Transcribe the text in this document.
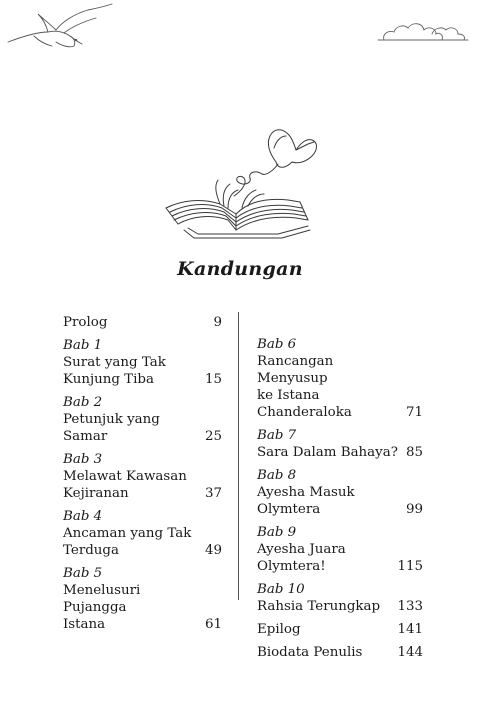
Kandungan
Prolog	9
Bab 1
Surat yang Tak
Kunjung Tiba	15
Bab 2
Petunjuk yang Samar	25
Bab 3
Melawat Kawasan
Kejiranan	37
Bab 4
Ancaman yang Tak
Terduga	49
Bab 5
Menelusuri Pujangga
Istana	61
Bab 6
Rancangan Menyusup
ke Istana Chanderaloka	71
Bab 7
Sara Dalam Bahaya? 85
Bab 8
Ayesha Masuk
Olymtera	99
Bab 9
Ayesha Juara
Olymtera!	115
Bab 10
Rahsia Terungkap	133
Epilog	141
Biodata Penulis	144
